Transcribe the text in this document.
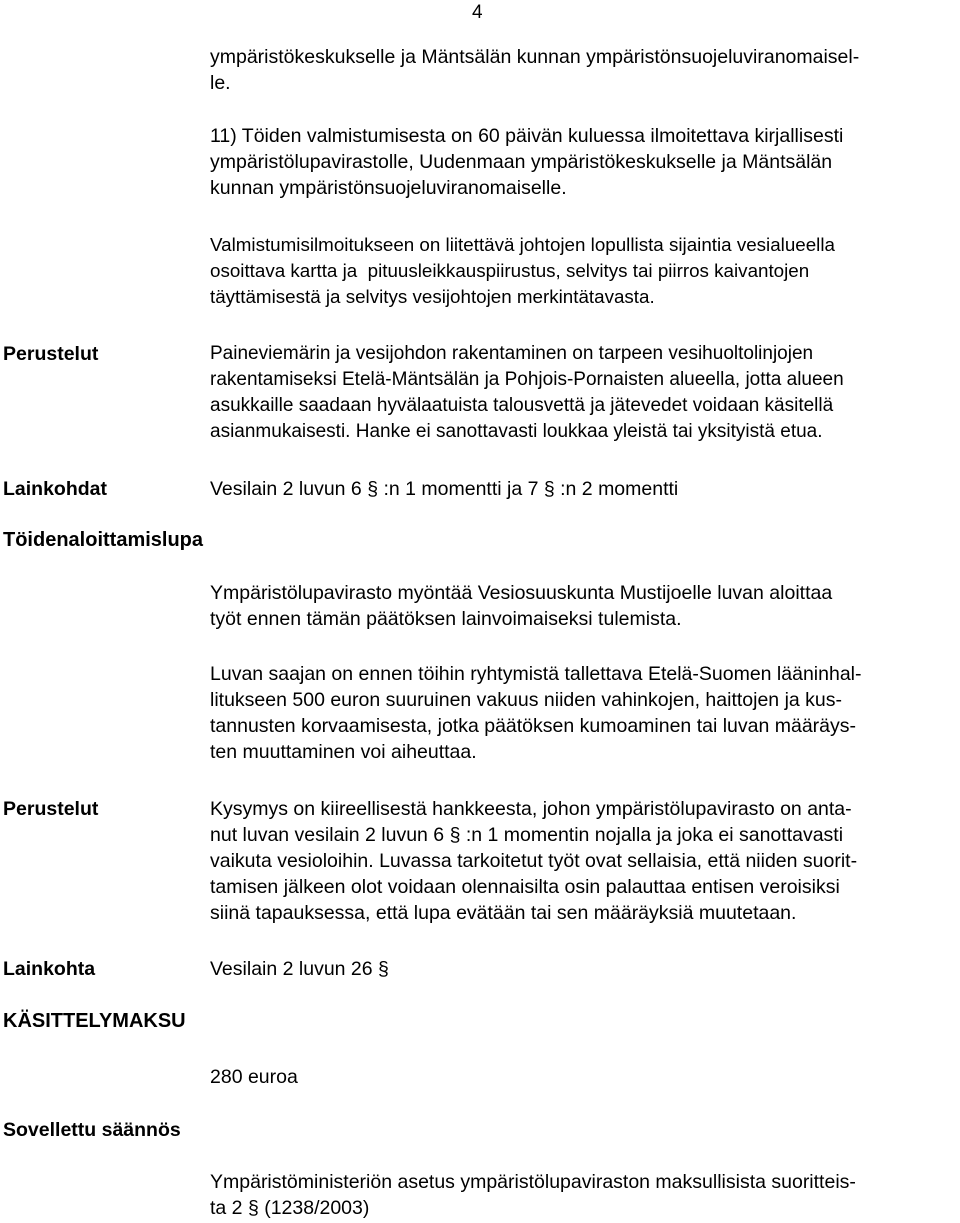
4
ympäristökeskukselle ja Mäntsälän kunnan ympäristönsuojeluviranomaisel-
le.
11) Töiden valmistumisesta on 60 päivän kuluessa ilmoitettava kirjallisesti
ympäristölupavirastolle, Uudenmaan ympäristökeskukselle ja Mäntsälän
kunnan ympäristönsuojeluviranomaiselle.
Valmistumisilmoitukseen on liitettävä johtojen lopullista sijaintia vesialueella
osoittava kartta ja  pituusleikkauspiirustus, selvitys tai piirros kaivantojen
täyttämisestä ja selvitys vesijohtojen merkintätavasta.
Perustelut	Paineviemärin ja vesijohdon rakentaminen on tarpeen vesihuoltolinjojen
rakentamiseksi Etelä-Mäntsälän ja Pohjois-Pornaisten alueella, jotta alueen
asukkaille saadaan hyvälaatuista talousvettä ja jätevedet voidaan käsitellä
asianmukaisesti. Hanke ei sanottavasti loukkaa yleistä tai yksityistä etua.
Lainkohdat	Vesilain 2 luvun 6 § :n 1 momentti ja 7 § :n 2 momentti
Töidenaloittamislupa
Ympäristölupavirasto myöntää Vesiosuuskunta Mustijoelle luvan aloittaa
työt ennen tämän päätöksen lainvoimaiseksi tulemista.
Luvan saajan on ennen töihin ryhtymistä tallettava Etelä-Suomen lääninhal-
litukseen 500 euron suuruinen vakuus niiden vahinkojen, haittojen ja kus-
tannusten korvaamisesta, jotka päätöksen kumoaminen tai luvan määräys-
ten muuttaminen voi aiheuttaa.
Perustelut	Kysymys on kiireellisestä hankkeesta, johon ympäristölupavirasto on anta-
nut luvan vesilain 2 luvun 6 § :n 1 momentin nojalla ja joka ei sanottavasti
vaikuta vesioloihin. Luvassa tarkoitetut työt ovat sellaisia, että niiden suorit-
tamisen jälkeen olot voidaan olennaisilta osin palauttaa entisen veroisiksi
siinä tapauksessa, että lupa evätään tai sen määräyksiä muutetaan.
Lainkohta	Vesilain 2 luvun 26 §
KÄSITTELYMAKSU
280 euroa
Sovellettu säännös
Ympäristöministeriön asetus ympäristölupaviraston maksullisista suoritteis-
ta 2 § (1238/2003)
